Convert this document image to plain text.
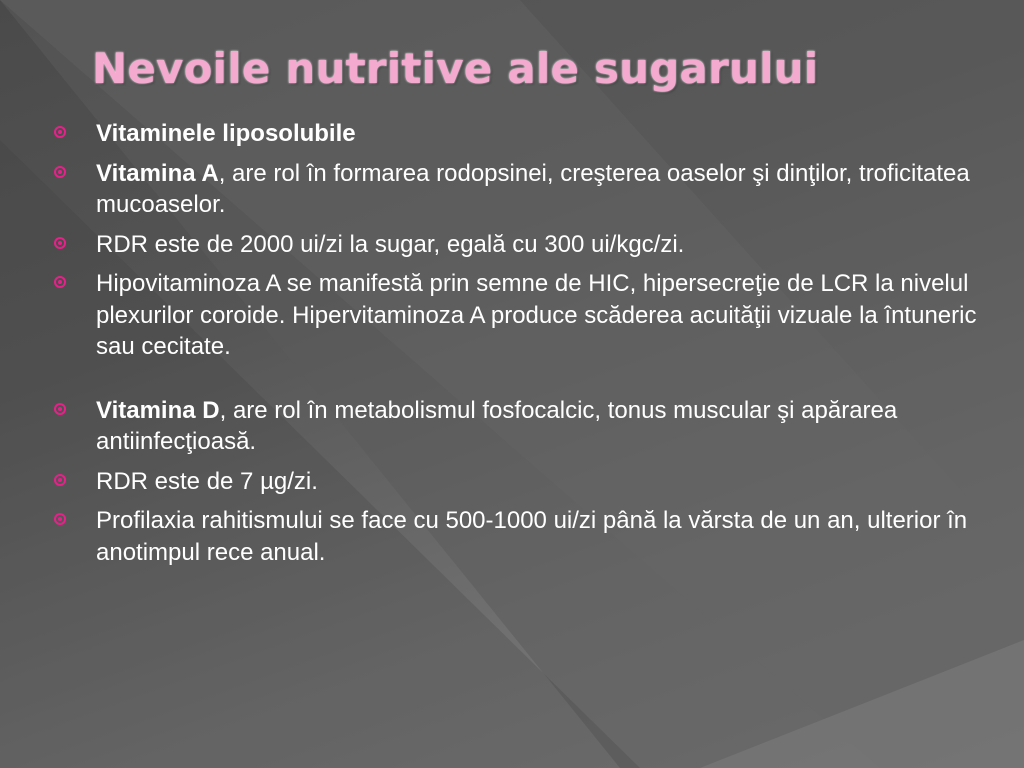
Nevoile nutritive ale sugarului
Vitaminele liposolubile
Vitamina A, are rol în formarea rodopsinei, creşterea oaselor şi dinţilor, troficitatea mucoaselor.
RDR este de 2000 ui/zi la sugar, egală cu 300 ui/kgc/zi.
Hipovitaminoza A se manifestă prin semne de HIC, hipersecreţie de LCR la nivelul plexurilor coroide. Hipervitaminoza A produce scăderea acuităţii vizuale la întuneric sau cecitate.
Vitamina D, are rol în metabolismul fosfocalcic, tonus muscular şi apărarea antiinfecţioasă.
RDR este de 7 µg/zi.
Profilaxia rahitismului se face cu 500-1000 ui/zi până la vărsta de un an, ulterior în anotimpul rece anual.
